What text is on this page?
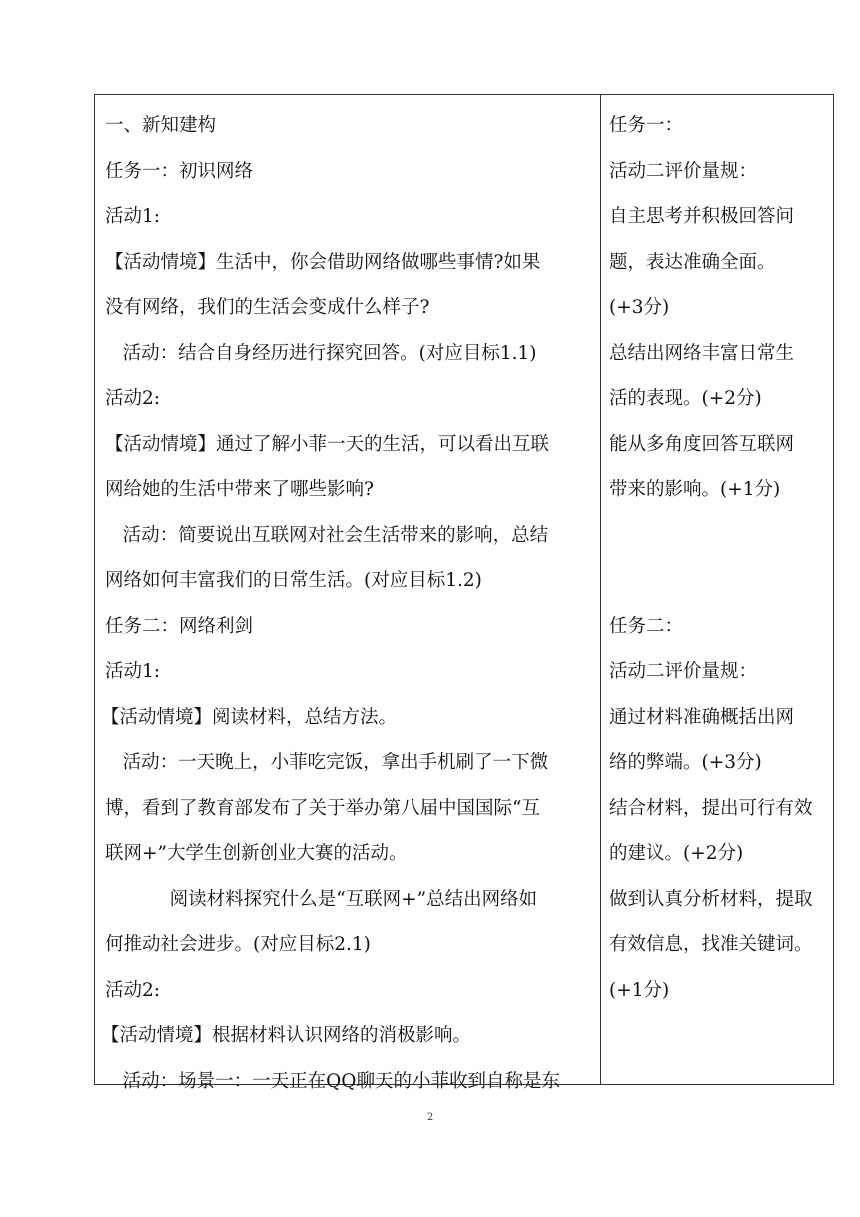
一、新知建构
任务一：初识网络
活动1:
【活动情境】生活中，你会借助网络做哪些事情?如果
没有网络，我们的生活会变成什么样子?
活动：结合自身经历进行探究回答。(对应目标1.1)
活动2:
【活动情境】通过了解小菲一天的生活，可以看出互联
网给她的生活中带来了哪些影响?
活动：简要说出互联网对社会生活带来的影响，总结
网络如何丰富我们的日常生活。(对应目标1.2)
任务二：网络利剑
活动1:
【活动情境】阅读材料，总结方法。
活动：一天晚上，小菲吃完饭，拿出手机刷了一下微
博，看到了教育部发布了关于举办第八届中国国际“互
联网+”大学生创新创业大赛的活动。
阅读材料探究什么是“互联网+”总结出网络如
何推动社会进步。(对应目标2.1)
活动2:
【活动情境】根据材料认识网络的消极影响。
活动：场景一：一天正在QQ聊天的小菲收到自称是东
任务一：
活动二评价量规：
自主思考并积极回答问
题，表达准确全面。
(+3分)
总结出网络丰富日常生
活的表现。(+2分)
能从多角度回答互联网
带来的影响。(+1分)
任务二：
活动二评价量规：
通过材料准确概括出网
络的弊端。(+3分)
结合材料，提出可行有效
的建议。(+2分)
做到认真分析材料，提取
有效信息，找准关键词。
(+1分)
2
